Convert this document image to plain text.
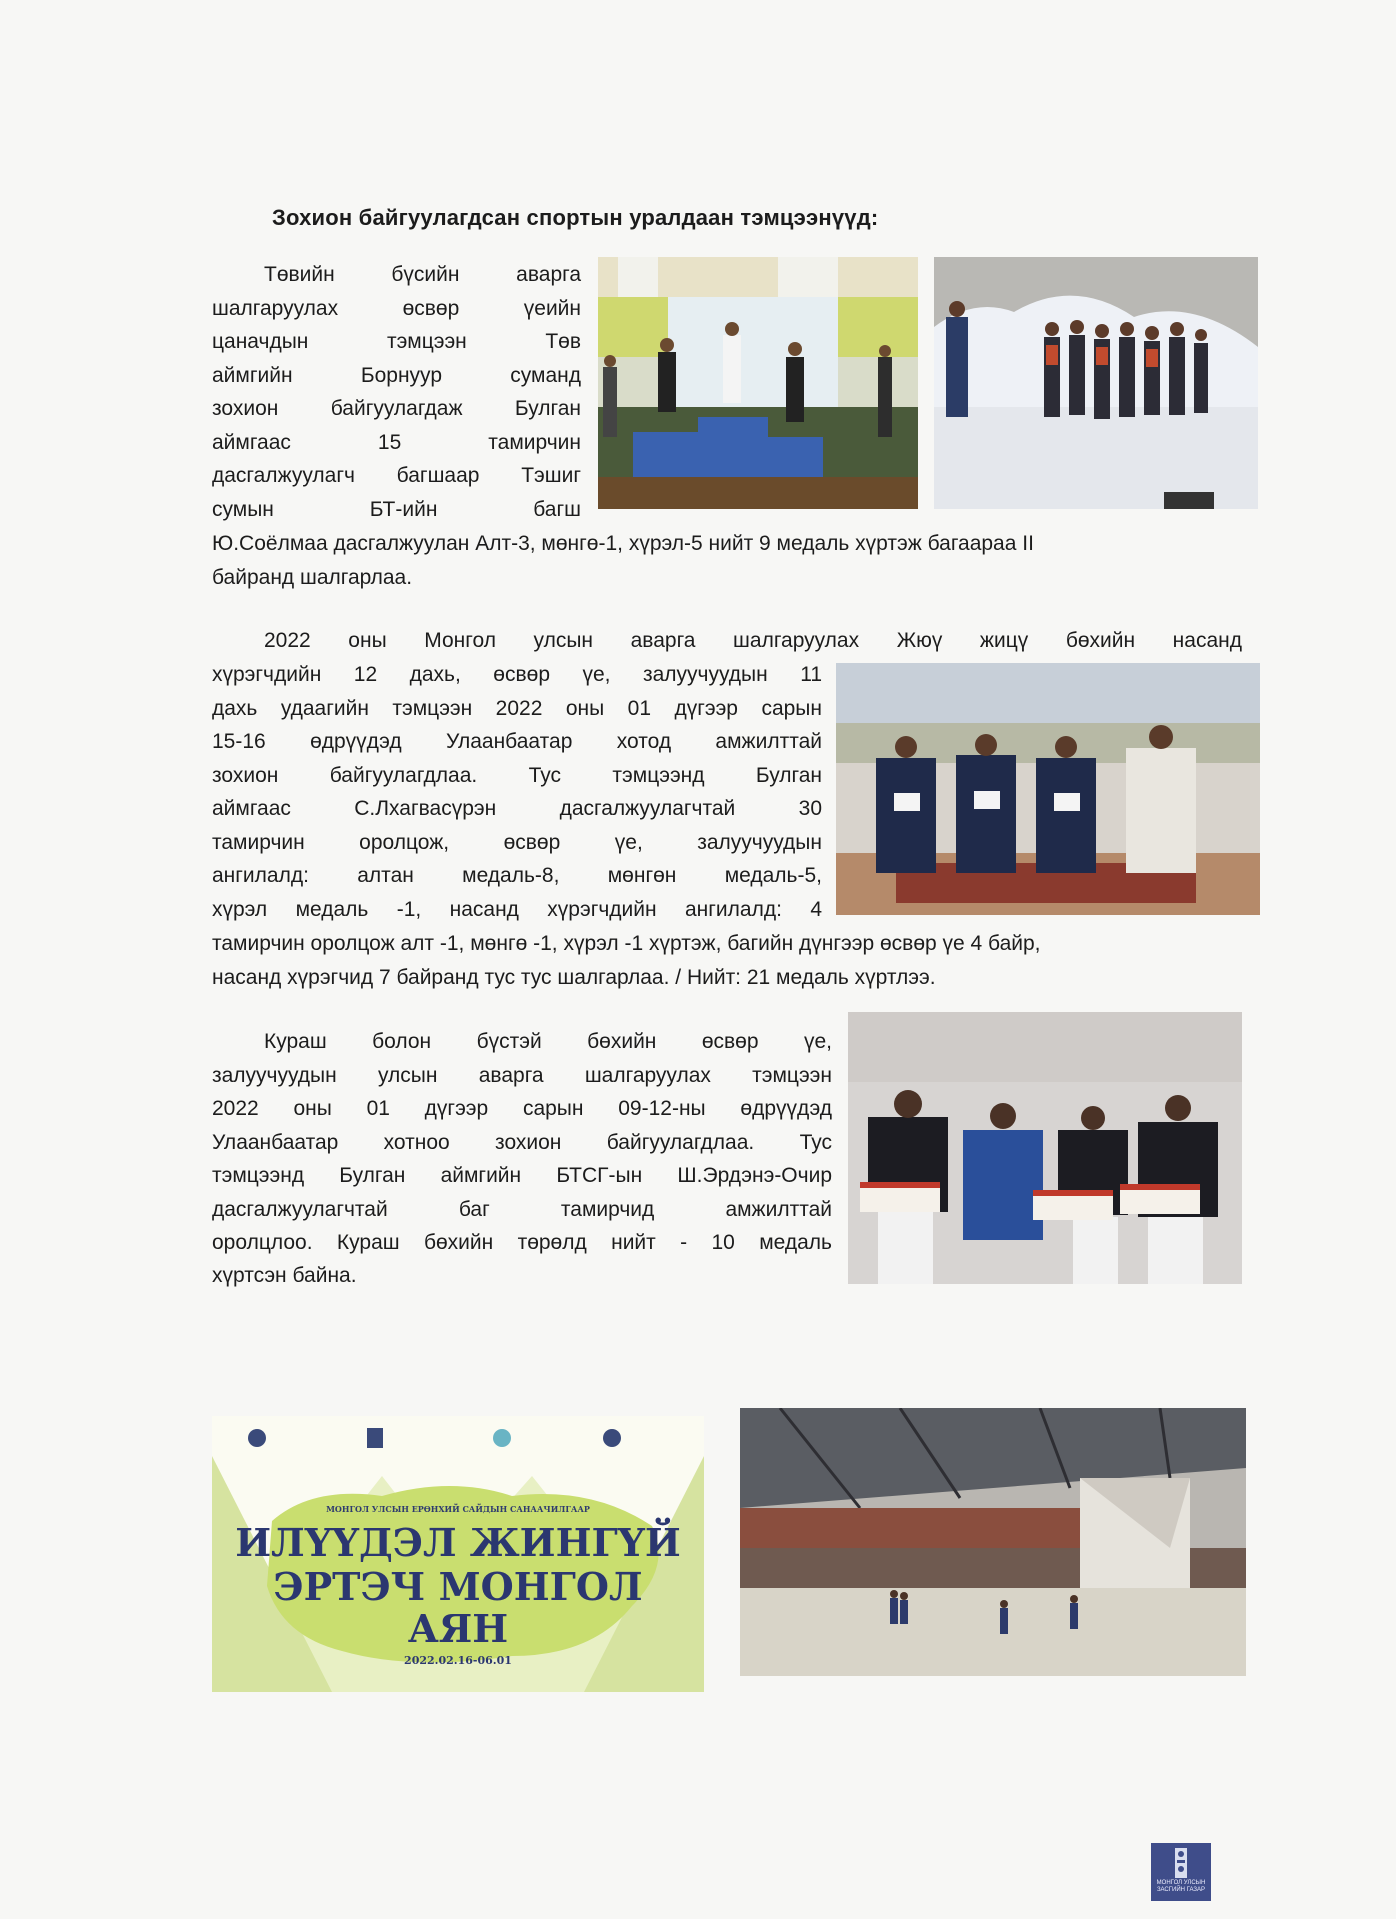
Зохион байгуулагдсан спортын уралдаан тэмцээнүүд:
Төвийн бүсийн аварга
шалгаруулах өсвөр үеийн
цаначдын тэмцээн Төв
аймгийн Борнуур суманд
зохион байгуулагдаж Булган
аймгаас 15 тамирчин
дасгалжуулагч багшаар Тэшиг
сумын БТ-ийн багш
Ю.Соёлмаа дасгалжуулан Алт-3, мөнгө-1, хүрэл-5 нийт 9 медаль хүртэж багаараа II
байранд шалгарлаа.
2022 оны Монгол улсын аварга шалгаруулах Жюү жицү бөхийн насанд
хүрэгчдийн 12 дахь, өсвөр үе, залуучуудын 11
дахь удаагийн тэмцээн 2022 оны 01 дүгээр сарын
15-16 өдрүүдэд Улаанбаатар хотод амжилттай
зохион байгуулагдлаа. Тус тэмцээнд Булган
аймгаас С.Лхагвасүрэн дасгалжуулагчтай 30
тамирчин оролцож, өсвөр үе, залуучуудын
ангилалд: алтан медаль-8, мөнгөн медаль-5,
хүрэл медаль -1, насанд хүрэгчдийн ангилалд: 4
тамирчин оролцож алт -1, мөнгө -1, хүрэл -1 хүртэж, багийн дүнгээр өсвөр үе 4 байр,
насанд хүрэгчид 7 байранд тус тус шалгарлаа. / Нийт: 21 медаль хүртлээ.
Кураш болон бүстэй бөхийн өсвөр үе,
залуучуудын улсын аварга шалгаруулах тэмцээн
2022 оны 01 дүгээр сарын 09-12-ны өдрүүдэд
Улаанбаатар хотноо зохион байгуулагдлаа. Тус
тэмцээнд Булган аймгийн БТСГ-ын Ш.Эрдэнэ-Очир
дасгалжуулагчтай баг тамирчид амжилттай
оролцлоо. Кураш бөхийн төрөлд нийт - 10 медаль
хүртсэн байна.
МОНГОЛ УЛСЫН ЕРӨНХИЙ САЙДЫН САНААЧИЛГААР
ИЛҮҮДЭЛ ЖИНГҮЙ
ЭРТЭЧ МОНГОЛ
АЯН
2022.02.16-06.01
МОНГОЛ УЛСЫН
ЗАСГИЙН ГАЗАР
